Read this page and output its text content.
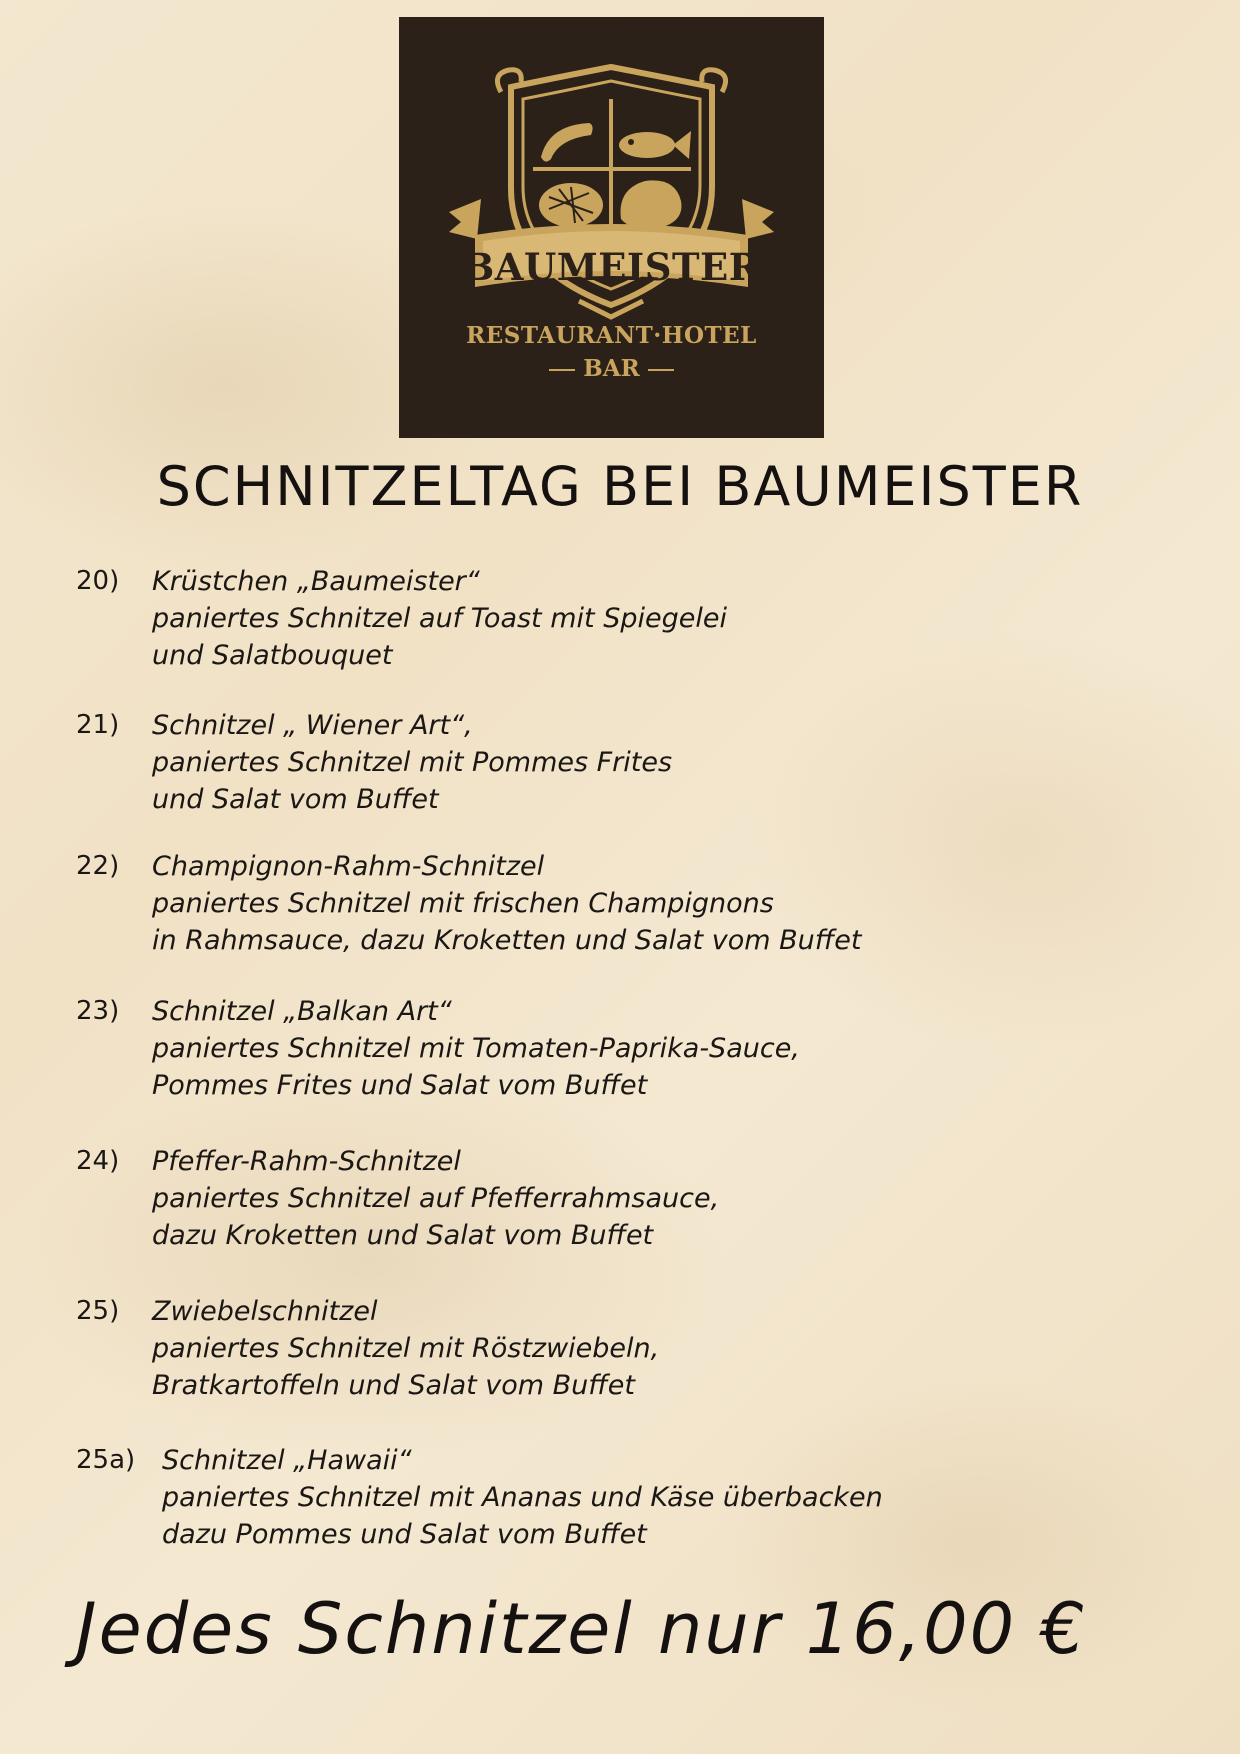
BAUMEISTER
RESTAURANT·HOTEL
BAR
SCHNITZELTAG BEI BAUMEISTER
20) Krüstchen „Baumeister“
paniertes Schnitzel auf Toast mit Spiegelei
und Salatbouquet
21) Schnitzel „ Wiener Art“,
paniertes Schnitzel mit Pommes Frites
und Salat vom Buffet
22) Champignon-Rahm-Schnitzel
paniertes Schnitzel mit frischen Champignons
in Rahmsauce, dazu Kroketten und Salat vom Buffet
23) Schnitzel „Balkan Art“
paniertes Schnitzel mit Tomaten-Paprika-Sauce,
Pommes Frites und Salat vom Buffet
24) Pfeffer-Rahm-Schnitzel
paniertes Schnitzel auf Pfefferrahmsauce,
dazu Kroketten und Salat vom Buffet
25) Zwiebelschnitzel
paniertes Schnitzel mit Röstzwiebeln,
Bratkartoffeln und Salat vom Buffet
25a) Schnitzel „Hawaii“
paniertes Schnitzel mit Ananas und Käse überbacken
dazu Pommes und Salat vom Buffet
Jedes Schnitzel nur 16,00 €
